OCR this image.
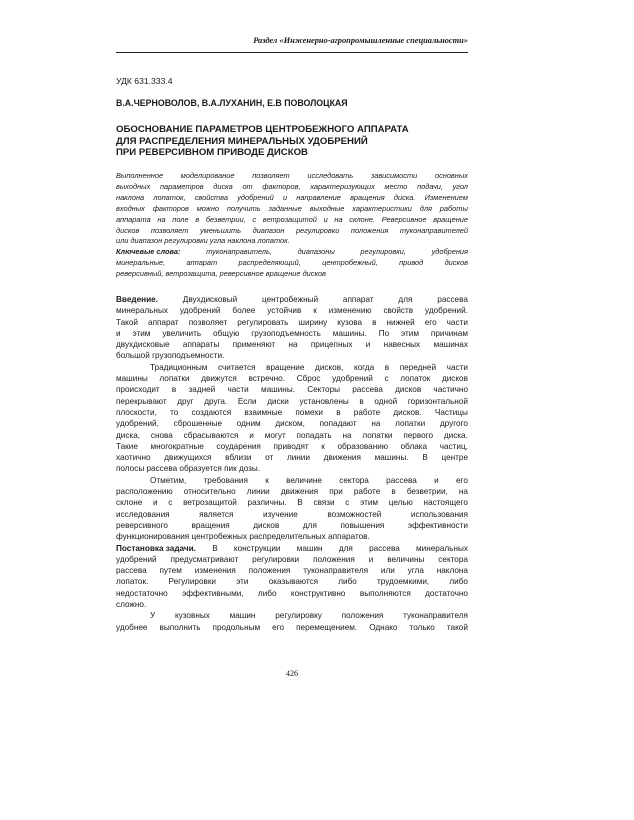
Раздел «Инженерно-агропромышленные специальности»
УДК 631.333.4
В.А.ЧЕРНОВОЛОВ, В.А.ЛУХАНИН, Е.В ПОВОЛОЦКАЯ
ОБОСНОВАНИЕ ПАРАМЕТРОВ ЦЕНТРОБЕЖНОГО АППАРАТА
ДЛЯ РАСПРЕДЕЛЕНИЯ МИНЕРАЛЬНЫХ УДОБРЕНИЙ
ПРИ РЕВЕРСИВНОМ ПРИВОДЕ ДИСКОВ
Выполненное моделирование позволяет исследовать зависимости основных
выходных параметров диска от факторов, характеризующих место подачи, угол
наклона лопаток, свойства удобрений и направление вращения диска. Изменением
входных факторов можно получить заданные выходные характеристики для работы
аппарата на поле в безветрии, с ветрозащитой и на склоне. Реверсивное вращение
дисков позволяет уменьшить диапазон регулировки положения туконаправителей
или диапазон регулировки угла наклона лопаток.
Ключевые слова:	туконаправитель,	диапазоны	регулировки,	удобрения
минеральные,	аппарат	распределяющий,	центробежный,	привод	дисков
реверсивный, ветрозащита, реверсивное вращение дисков
Введение.	Двухдисковый	центробежный	аппарат	для	рассева
минеральных удобрений более устойчив к изменению свойств удобрений.
Такой аппарат позволяет регулировать ширину кузова в нижней его части
и этим увеличить общую грузоподъемность машины. По этим причинам
двухдисковые аппараты применяют на прицепных и навесных машинах
большой грузоподъемности.
Традиционным считается вращение дисков, когда в передней части
машины лопатки движутся встречно. Сброс удобрений с лопаток дисков
происходит в задней части машины. Секторы рассева дисков частично
перекрывают друг друга. Если диски установлены в одной горизонтальной
плоскости, то создаются взаимные помехи в работе дисков. Частицы
удобрений, сброшенные одним диском, попадают на лопатки другого
диска, снова сбрасываются и могут попадать на лопатки первого диска.
Такие многократные соударения приводят к образованию облака частиц,
хаотично движущихся вблизи от линии движения машины. В центре
полосы рассева образуется пик дозы.
Отметим, требования к величине сектора рассева и его
расположению относительно линии движения при работе в безветрии, на
склоне и с ветрозащитой различны. В связи с этим целью настоящего
исследования	является	изучение	возможностей	использования
реверсивного	вращения	дисков	для	повышения	эффективности
функционирования центробежных распределительных аппаратов.
Постановка задачи. В конструкции машин для рассева минеральных
удобрений предусматривают регулировки положения и величины сектора
рассева путем изменения положения туконаправителя или угла наклона
лопаток. Регулировки эти оказываются либо трудоемкими, либо
недостаточно эффективными, либо конструктивно выполняются достаточно
сложно.
У кузовных машин регулировку положения туконаправителя
удобнее выполнить продольным его перемещением. Однако только такой
426
